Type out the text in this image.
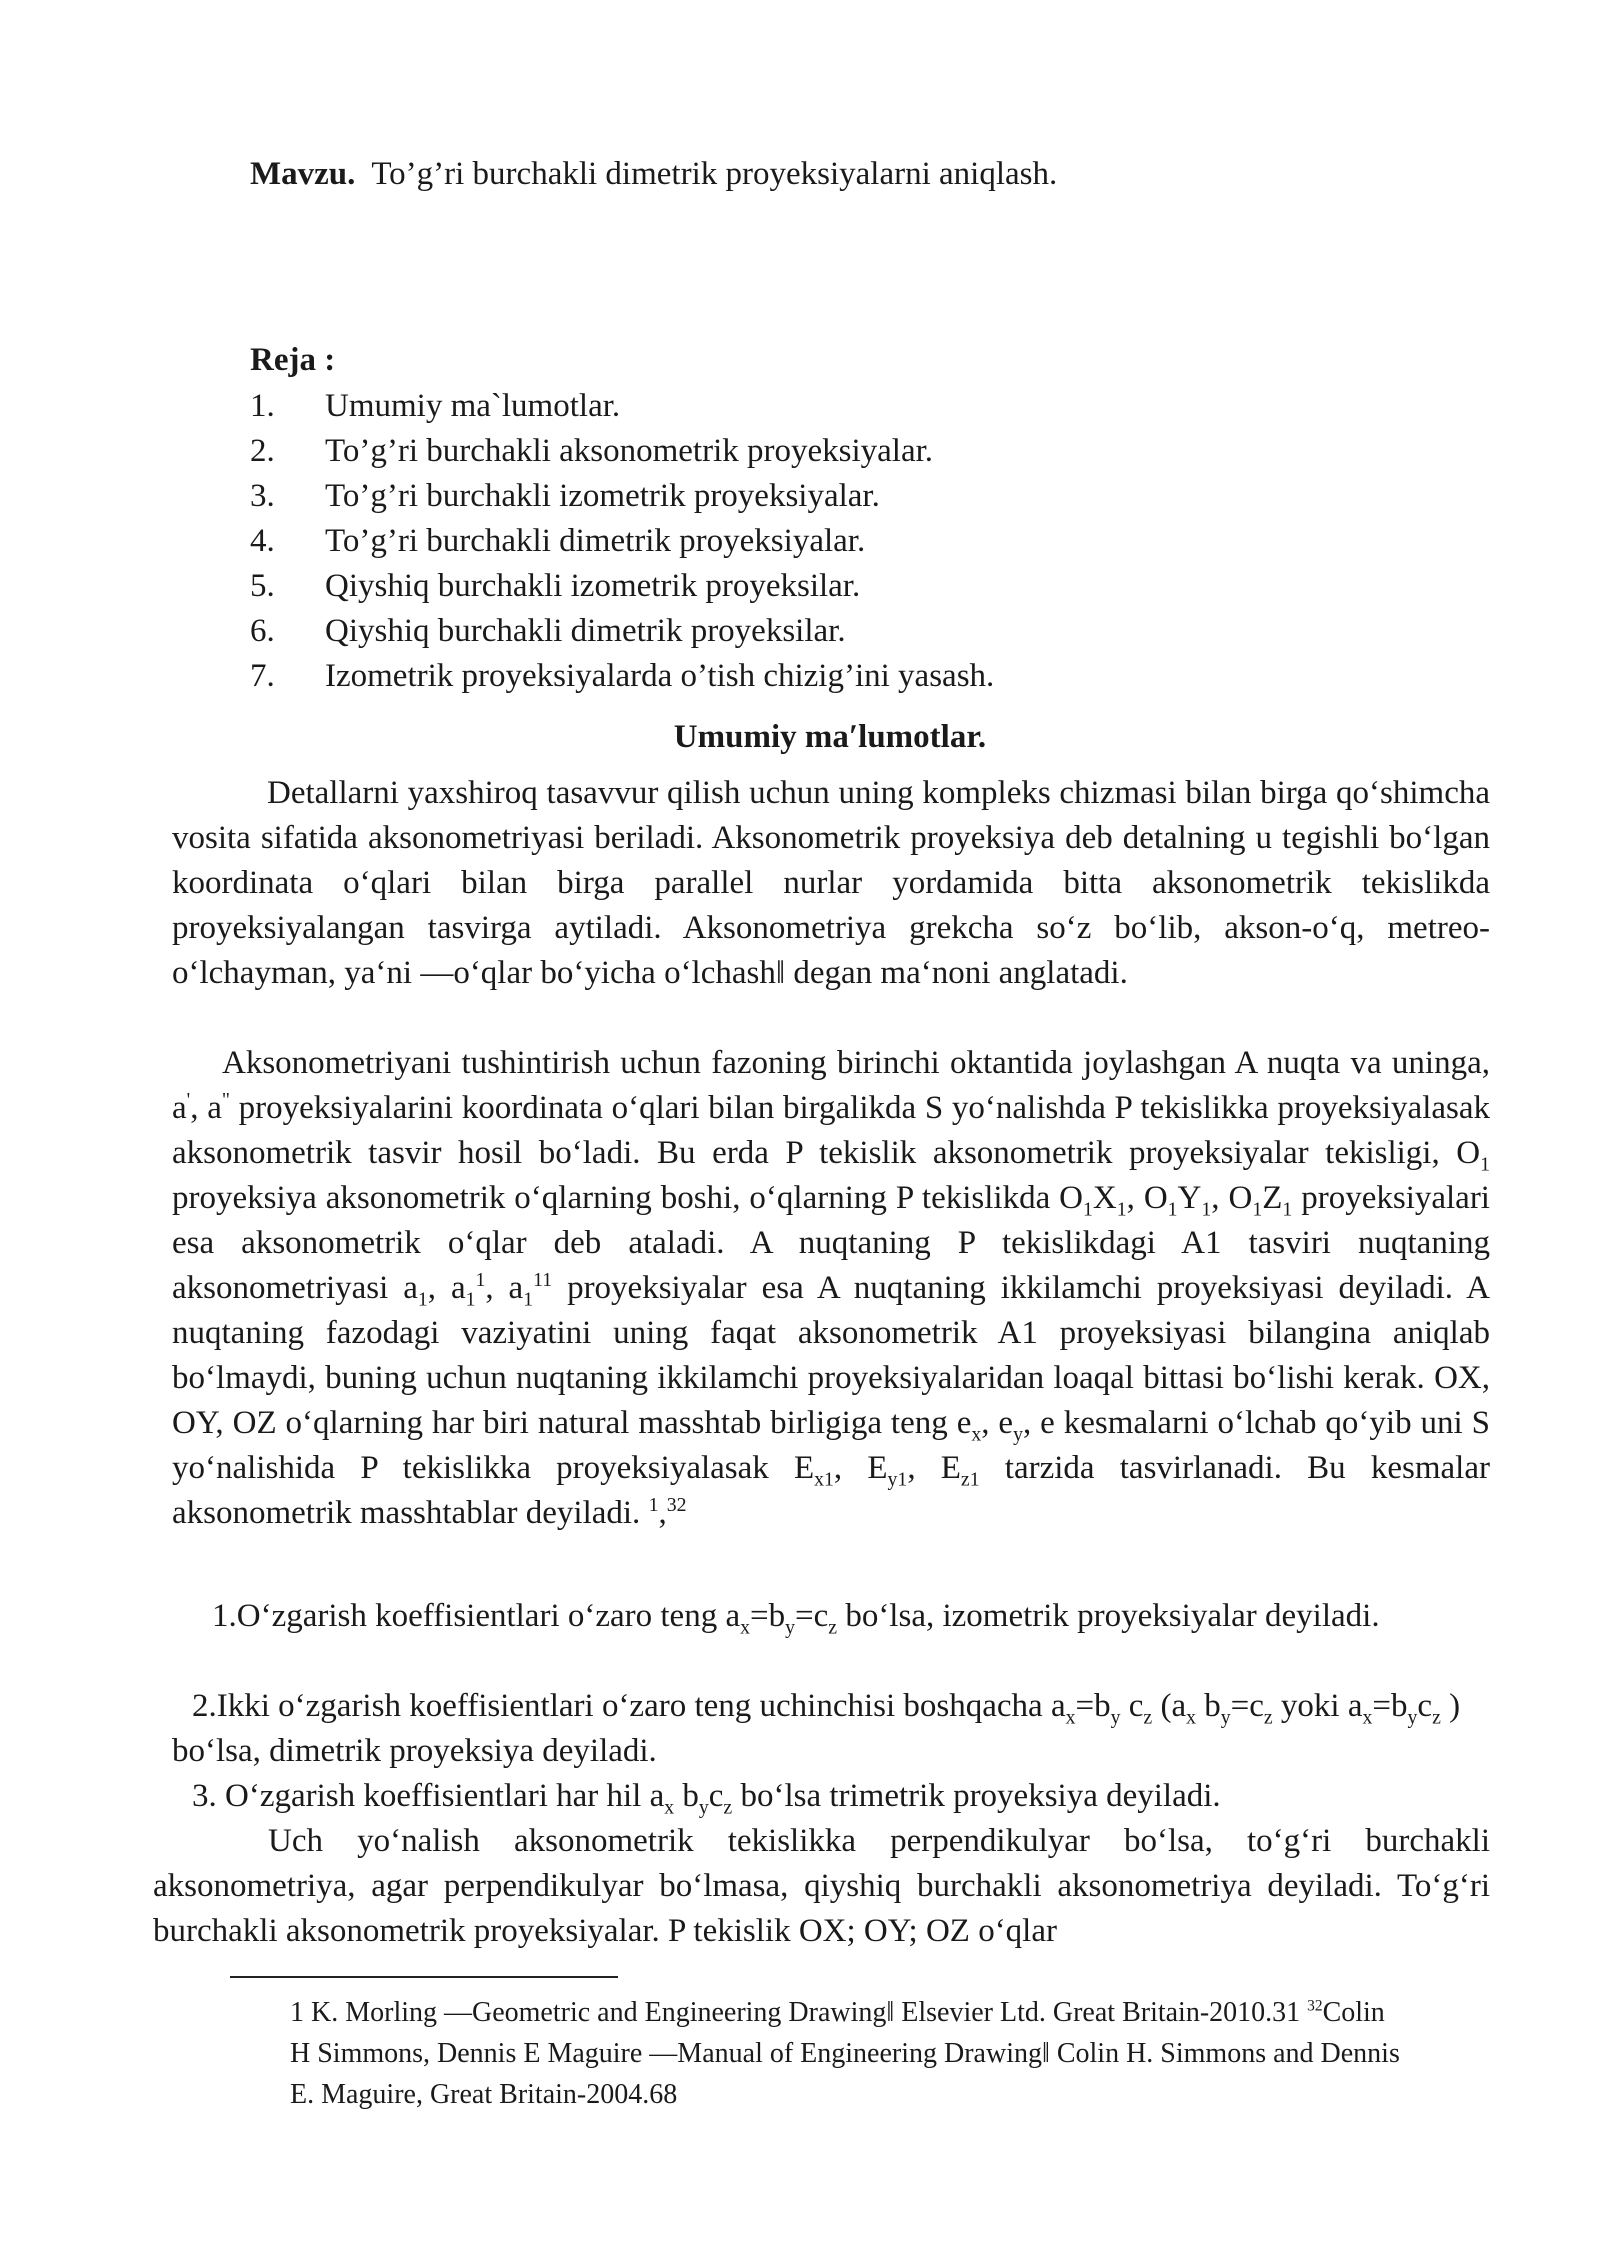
Mavzu. To’g’ri burchakli dimetrik proyeksiyalarni aniqlash.
Reja :
1. Umumiy ma`lumotlar.
2. To’g’ri burchakli aksonometrik proyeksiyalar.
3. To’g’ri burchakli izometrik proyeksiyalar.
4. To’g’ri burchakli dimetrik proyeksiyalar.
5. Qiyshiq burchakli izometrik proyeksilar.
6. Qiyshiq burchakli dimetrik proyeksilar.
7. Izometrik proyeksiyalarda o’tish chizig’ini yasash.
Umumiy maʹlumotlar.

Detallarni yaxshiroq tasavvur qilish uchun uning kompleks chizmasi bilan birga qo‘shimcha vosita sifatida aksonometriyasi beriladi. Aksonometrik proyeksiya deb detalning u tegishli bo‘lgan koordinata o‘qlari bilan birga parallel nurlar yordamida bitta aksonometrik tekislikda proyeksiyalangan tasvirga aytiladi. Aksonometriya grekcha so‘z bo‘lib, akson-o‘q, metreo-o‘lchayman, ya‘ni ―o‘qlar bo‘yicha o‘lchash‖ degan ma‘noni anglatadi.

Aksonometriyani tushintirish uchun fazoning birinchi oktantida joylashgan A nuqta va uninga, a', a" proyeksiyalarini koordinata o‘qlari bilan birgalikda S yo‘nalishda P tekislikka proyeksiyalasak aksonometrik tasvir hosil bo‘ladi. Bu erda P tekislik aksonometrik proyeksiyalar tekisligi, $O_1$ proyeksiya aksonometrik o‘qlarning boshi, o‘qlarning P tekislikda $O_1X_1$, $O_1Y_1$, $O_1Z_1$ proyeksiyalari esa aksonometrik o‘qlar deb ataladi. A nuqtaning P tekislikdagi A1 tasviri nuqtaning aksonometriyasi $a_1$, $a_1^1$, $a_1^{11}$ proyeksiyalar esa A nuqtaning ikkilamchi proyeksiyasi deyiladi. A nuqtaning fazodagi vaziyatini uning faqat aksonometrik A1 proyeksiyasi bilangina aniqlab bo‘lmaydi, buning uchun nuqtaning ikkilamchi proyeksiyalaridan loaqal bittasi bo‘lishi kerak. OX, OY, OZ o‘qlarning har biri natural masshtab birligiga teng $e_x$, $e_y$, e kesmalarni o‘lchab qo‘yib uni S yo‘nalishida P tekislikka proyeksiyalasak $E_{x1}$, $E_{y1}$, $E_{z1}$ tarzida tasvirlanadi. Bu kesmalar aksonometrik masshtablar deyiladi. $^1$,$^{32}$

1.O‘zgarish koeffisientlari o‘zaro teng $a_x=b_y=c_z$ bo‘lsa, izometrik proyeksiyalar deyiladi.

2.Ikki o‘zgarish koeffisientlari o‘zaro teng uchinchisi boshqacha $a_x=b_y$ $c_z$ ($a_x$ $b_y=c_z$ yoki $a_x=b_yc_z$ ) bo‘lsa, dimetrik proyeksiya deyiladi.

3. O‘zgarish koeffisientlari har hil $a_x$ $b_yc_z$ bo‘lsa trimetrik proyeksiya deyiladi.

Uch yo‘nalish aksonometrik tekislikka perpendikulyar bo‘lsa, to‘g‘ri burchakli aksonometriya, agar perpendikulyar bo‘lmasa, qiyshiq burchakli aksonometriya deyiladi. To‘g‘ri burchakli aksonometrik proyeksiyalar. P tekislik OX; OY; OZ o‘qlar

1 K. Morling ―Geometric and Engineering Drawing‖ Elsevier Ltd. Great Britain-2010.31 $^{32}$Colin H Simmons, Dennis E Maguire ―Manual of Engineering Drawing‖ Colin H. Simmons and Dennis E. Maguire, Great Britain-2004.68
